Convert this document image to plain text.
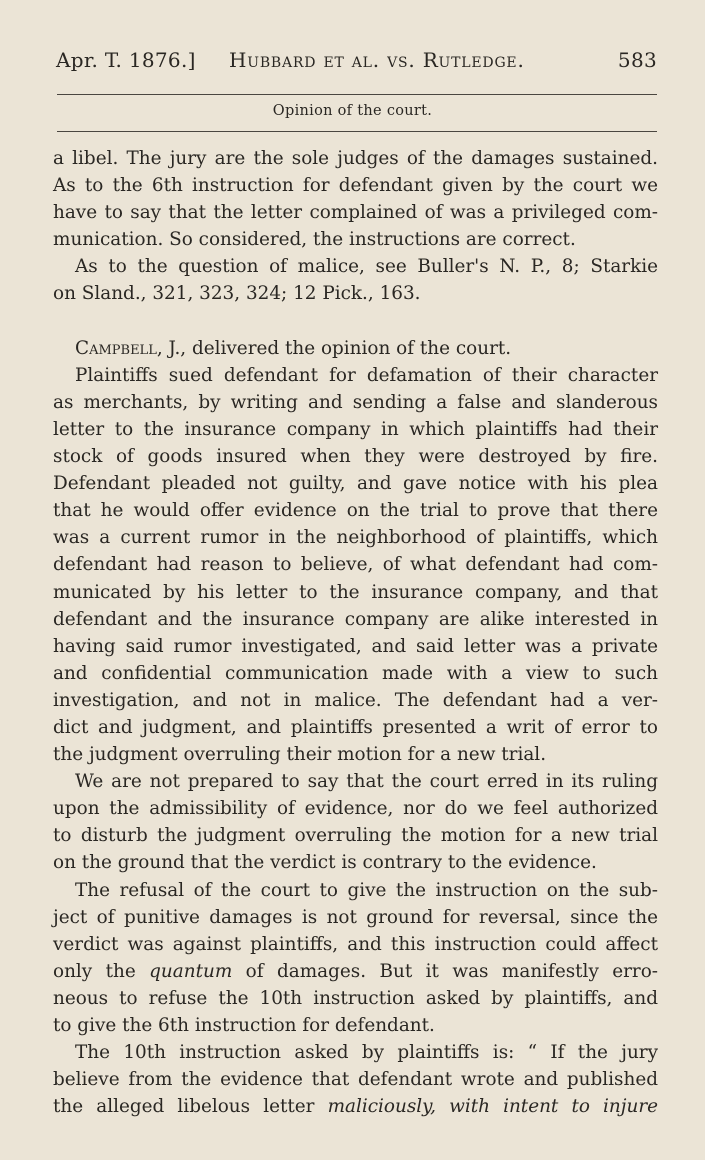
Apr. T. 1876.] Hubbard et al. vs. Rutledge.	583
Opinion of the court.
a libel. The jury are the sole judges of the damages sustained.
As to the 6th instruction for defendant given by the court we
have to say that the letter complained of was a privileged com-
munication. So considered, the instructions are correct.
As to the question of malice, see Buller's N. P., 8; Starkie
on Sland., 321, 323, 324; 12 Pick., 163.
Campbell, J., delivered the opinion of the court.
Plaintiffs sued defendant for defamation of their character
as merchants, by writing and sending a false and slanderous
letter to the insurance company in which plaintiffs had their
stock of goods insured when they were destroyed by fire.
Defendant pleaded not guilty, and gave notice with his plea
that he would offer evidence on the trial to prove that there
was a current rumor in the neighborhood of plaintiffs, which
defendant had reason to believe, of what defendant had com-
municated by his letter to the insurance company, and that
defendant and the insurance company are alike interested in
having said rumor investigated, and said letter was a private
and confidential communication made with a view to such
investigation, and not in malice. The defendant had a ver-
dict and judgment, and plaintiffs presented a writ of error to
the judgment overruling their motion for a new trial.
We are not prepared to say that the court erred in its ruling
upon the admissibility of evidence, nor do we feel authorized
to disturb the judgment overruling the motion for a new trial
on the ground that the verdict is contrary to the evidence.
The refusal of the court to give the instruction on the sub-
ject of punitive damages is not ground for reversal, since the
verdict was against plaintiffs, and this instruction could affect
only the quantum of damages. But it was manifestly erro-
neous to refuse the 10th instruction asked by plaintiffs, and
to give the 6th instruction for defendant.
The 10th instruction asked by plaintiffs is: “ If the jury
believe from the evidence that defendant wrote and published
the alleged libelous letter maliciously, with intent to injure
